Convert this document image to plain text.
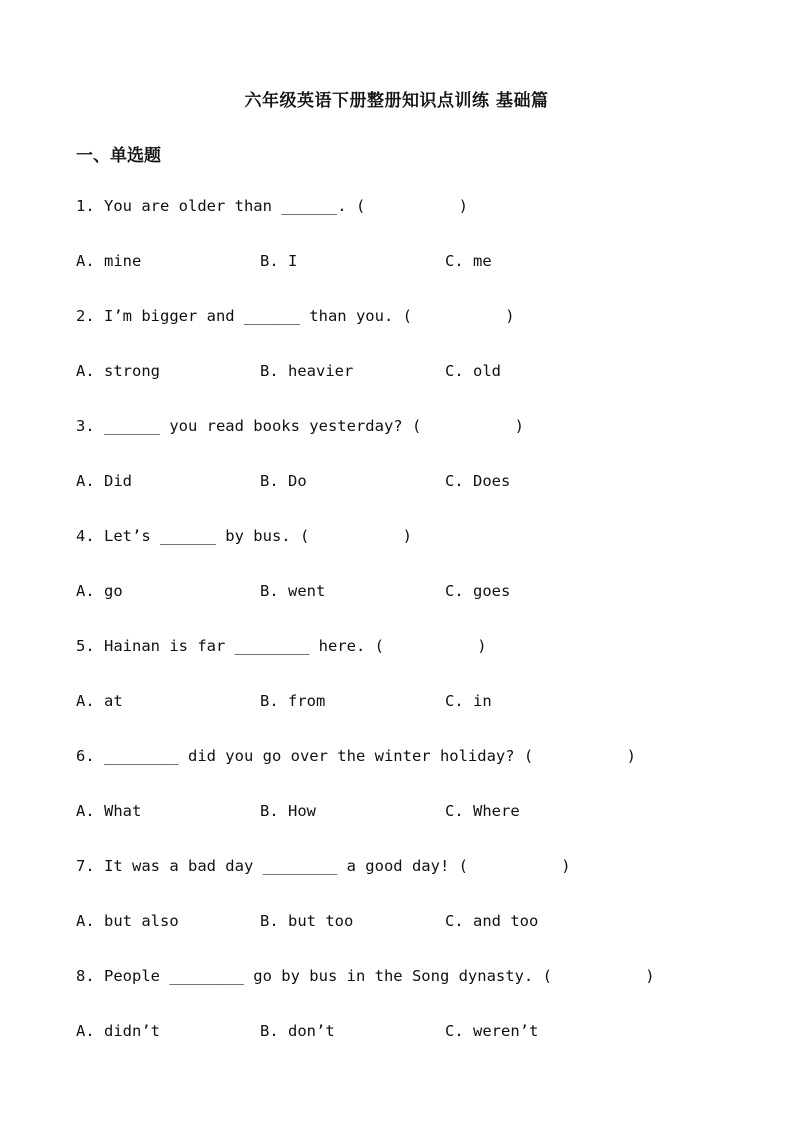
六年级英语下册整册知识点训练 基础篇
一、单选题
1. You are older than ______. (          )
A. mine	B. I	C. me
2. I’m bigger and ______ than you. (          )
A. strong	B. heavier	C. old
3. ______ you read books yesterday? (          )
A. Did	B. Do	C. Does
4. Let’s ______ by bus. (          )
A. go	B. went	C. goes
5. Hainan is far ________ here. (          )
A. at	B. from	C. in
6. ________ did you go over the winter holiday? (          )
A. What	B. How	C. Where
7. It was a bad day ________ a good day! (          )
A. but also	B. but too	C. and too
8. People ________ go by bus in the Song dynasty. (          )
A. didn’t	B. don’t	C. weren’t
